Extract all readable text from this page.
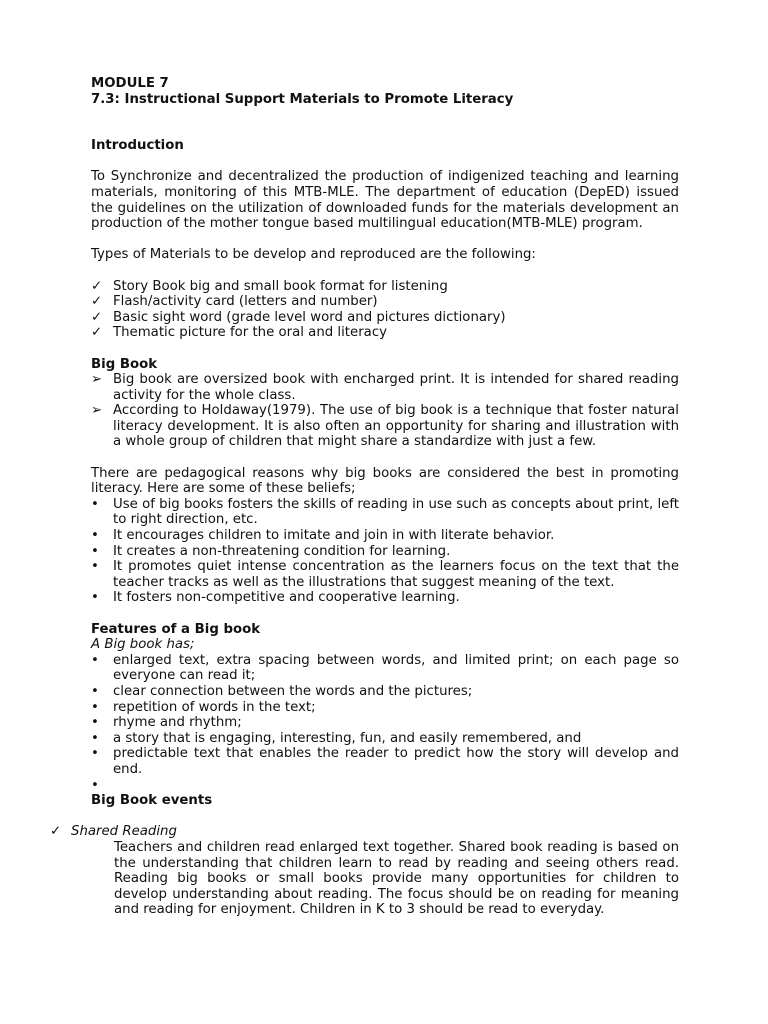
MODULE 7

7.3: Instructional Support Materials to Promote Literacy

Introduction

To Synchronize and decentralized the production of indigenized teaching and learning materials, monitoring of this MTB-MLE. The department of education (DepED) issued the guidelines on the utilization of downloaded funds for the materials development an production of the mother tongue based multilingual education(MTB-MLE) program.

Types of Materials to be develop and reproduced are the following:

✓ Story Book big and small book format for listening
✓ Flash/activity card (letters and number)
✓ Basic sight word (grade level word and pictures dictionary)
✓ Thematic picture for the oral and literacy

Big Book

➢ Big book are oversized book with encharged print. It is intended for shared reading activity for the whole class.
➢ According to Holdaway(1979). The use of big book is a technique that foster natural literacy development. It is also often an opportunity for sharing and illustration with a whole group of children that might share a standardize with just a few.

There are pedagogical reasons why big books are considered the best in promoting literacy. Here are some of these beliefs;

•	Use of big books fosters the skills of reading in use such as concepts about print, left to right direction, etc.
•	It encourages children to imitate and join in with literate behavior.
•	It creates a non-threatening condition for learning.
•	It promotes quiet intense concentration as the learners focus on the text that the teacher tracks as well as the illustrations that suggest meaning of the text.
•	It fosters non-competitive and cooperative learning.

Features of a Big book

A Big book has;

•	enlarged text, extra spacing between words, and limited print; on each page so everyone can read it;
•	clear connection between the words and the pictures;
•	repetition of words in the text;
•	rhyme and rhythm;
•	a story that is engaging, interesting, fun, and easily remembered, and
•	predictable text that enables the reader to predict how the story will develop and end.
•

Big Book events

✓ Shared Reading

Teachers and children read enlarged text together. Shared book reading is based on the understanding that children learn to read by reading and seeing others read. Reading big books or small books provide many opportunities for children to develop understanding about reading. The focus should be on reading for meaning and reading for enjoyment. Children in K to 3 should be read to everyday.
